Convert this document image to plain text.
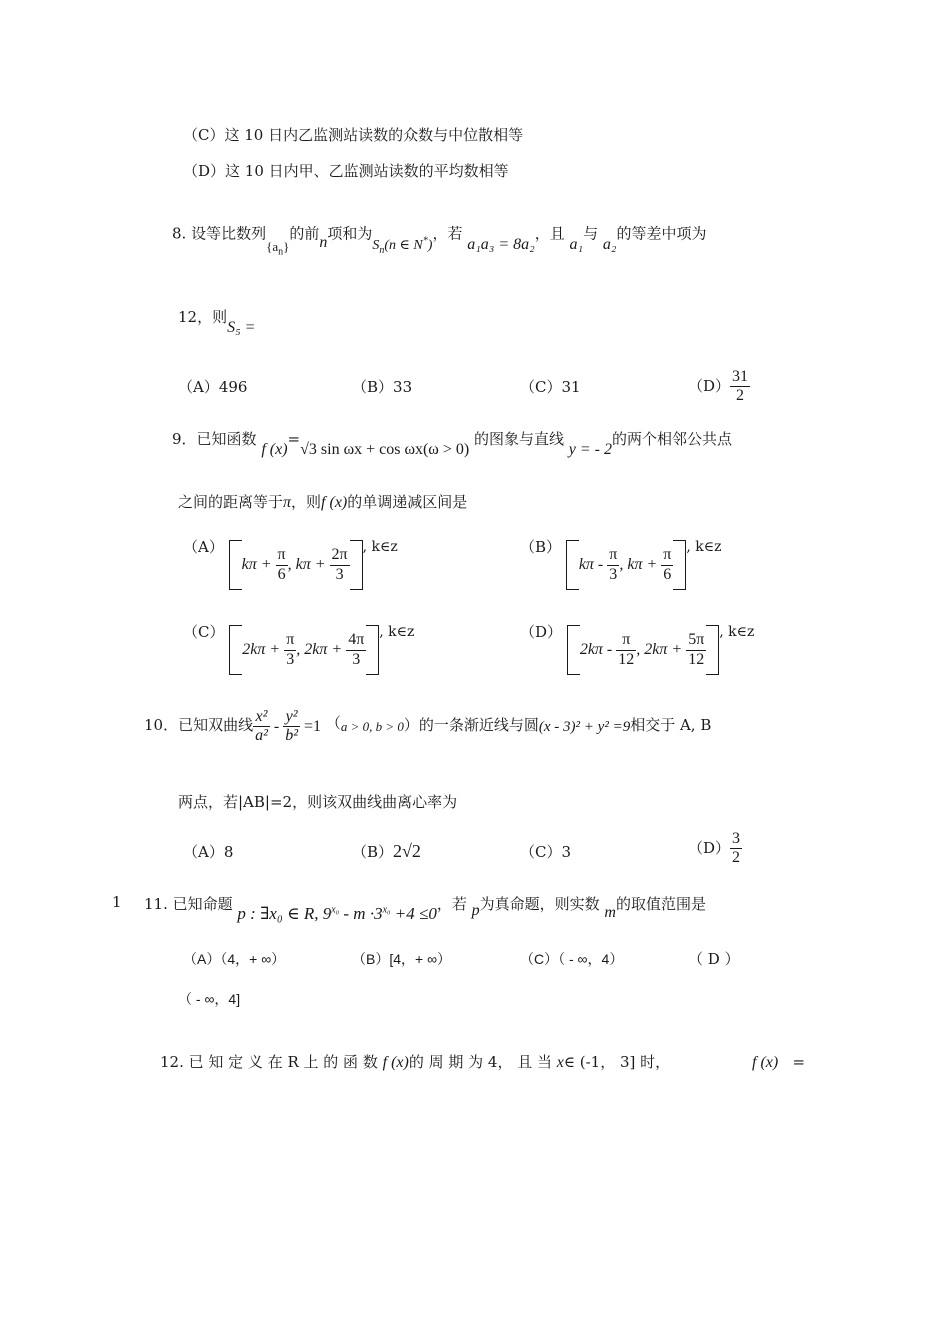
（C）这 10 日内乙监测站读数的众数与中位散相等
（D）这 10 日内甲、乙监测站读数的平均数相等
8. 设等比数列$\{a_n\}$的前n项和为$S_n(n$ ∈ N*)，若 a₁a₃ = 8a₂，且 a₁与 a₂的等差中项为
12，则S₅ =
（A）496	（B）33	（C）31	$(D) \frac{31}{2}$
9．已知函数 f (x)=√3 sin ωx + cos ωx(ω > 0) 的图象与直线 y = - 2的两个相邻公共点
之间的距离等于π，则f (x)的单调递减区间是
（A） $k\pi + \frac{\pi}{6}$ , $k\pi + \frac{2\pi}{3}$ , k∈z	（B） kπ - $\frac{\pi}{3}$ , $k\pi + \frac{\pi}{6}$ , k∈z
（C） $2k\pi + \frac{\pi}{3}$ , $2k\pi + \frac{4\pi}{3}$ , k∈z	（D） $2k\pi - \frac{\pi}{12}$ , $2k\pi + \frac{5\pi}{12}$ , k∈z
10．已知双曲线 $\frac{\text{x²}}{\text{a²}} - \frac{\text{y²}}{\text{b²}} =1$ （a > 0, b > 0）的一条渐近线与圆(x - 3)² + y² =9相交于 A, B
两点，若|AB|=2，则该双曲线曲离心率为
（A）8	（B）2√2	（C）3	$(D) \frac{3}{2}$
1 11. 已知命题 p : ∃x₀ ∈ R, $9^{x_0} - m \cdot 3^{x_0} +4 \le 0$，若 p为真命题，则实数 m的取值范围是
（A）（4，+ ∞）	（B）[4，+ ∞）	（C）（ - ∞，4）	（ D ）
（ - ∞，4]
12. 已 知 定 义 在 R 上 的 函 数 f (x)的 周 期 为 4， 且 当 x∈ (-1， 3] 时，	f (x) =
